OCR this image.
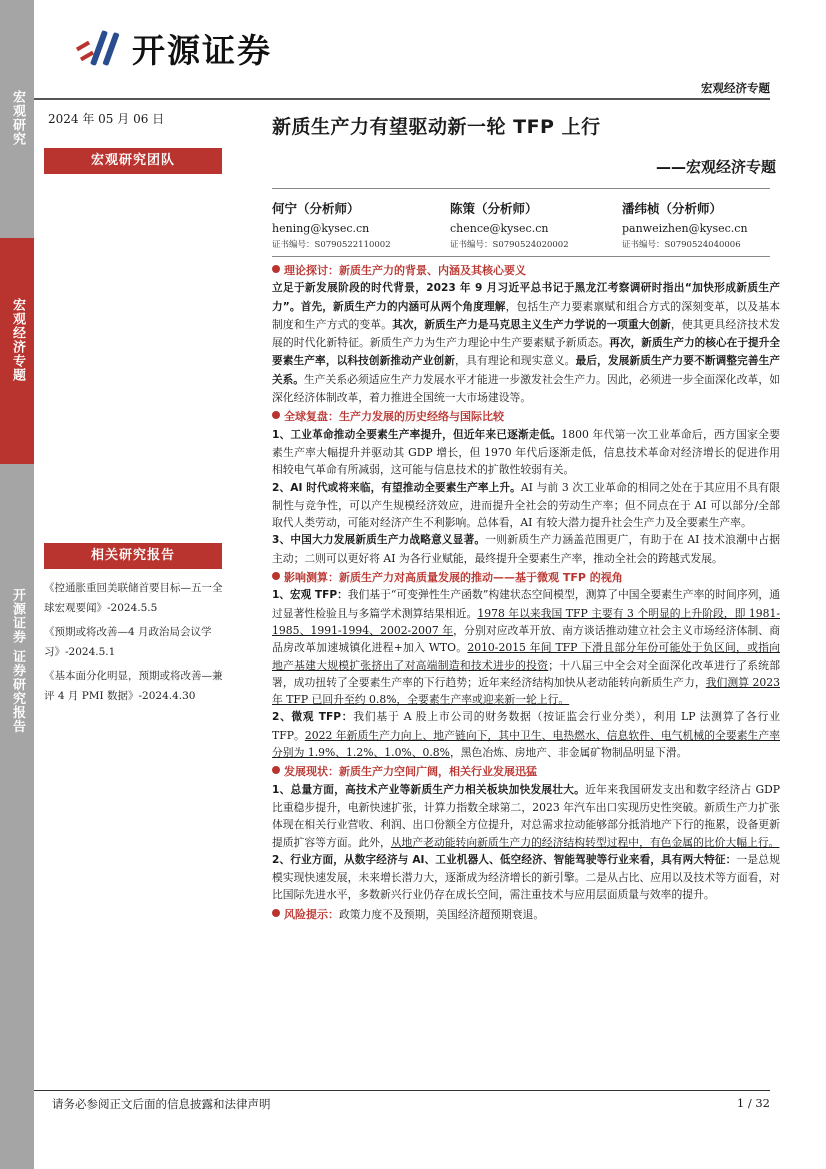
宏观研究
宏观经济专题
开源证券 证券研究报告
开源证券
宏观经济专题
2024 年 05 月 06 日	新质生产力有望驱动新一轮 TFP 上行
——宏观经济专题
宏观研究团队
何宁（分析师）
hening@kysec.cn
证书编号：S0790522110002
陈策（分析师）
chence@kysec.cn
证书编号：S0790524020002
潘纬桢（分析师）
panweizhen@kysec.cn
证书编号：S0790524040006
相关研究报告
《控通胀重回美联储首要目标—五一全球宏观要闻》-2024.5.5
《预期或将改善—4 月政治局会议学习》-2024.5.1
《基本面分化明显，预期或将改善—兼评 4 月 PMI 数据》-2024.4.30
理论探讨：新质生产力的背景、内涵及其核心要义

立足于新发展阶段的时代背景，2023 年 9 月习近平总书记于黑龙江考察调研时指出“加快形成新质生产力”。首先，新质生产力的内涵可从两个角度理解，包括生产力要素禀赋和组合方式的深刻变革，以及基本制度和生产方式的变革。其次，新质生产力是马克思主义生产力学说的一项重大创新，使其更具经济技术发展的时代化新特征。新质生产力为生产力理论中生产要素赋予新质态。再次，新质生产力的核心在于提升全要素生产率，以科技创新推动产业创新，具有理论和现实意义。最后，发展新质生产力要不断调整完善生产关系。生产关系必须适应生产力发展水平才能进一步激发社会生产力。因此，必须进一步全面深化改革，如深化经济体制改革，着力推进全国统一大市场建设等。

全球复盘：生产力发展的历史经络与国际比较

1、工业革命推动全要素生产率提升，但近年来已逐渐走低。1800 年代第一次工业革命后，西方国家全要素生产率大幅提升并驱动其 GDP 增长，但 1970 年代后逐渐走低，信息技术革命对经济增长的促进作用相较电气革命有所减弱，这可能与信息技术的扩散性较弱有关。

2、AI 时代或将来临，有望推动全要素生产率上升。AI 与前 3 次工业革命的相同之处在于其应用不具有限制性与竞争性，可以产生规模经济效应，进而提升全社会的劳动生产率；但不同点在于 AI 可以部分/全部取代人类劳动，可能对经济产生不利影响。总体看，AI 有较大潜力提升社会生产力及全要素生产率。

3、中国大力发展新质生产力战略意义显著。一则新质生产力涵盖范围更广，有助于在 AI 技术浪潮中占据主动；二则可以更好将 AI 为各行业赋能，最终提升全要素生产率，推动全社会的跨越式发展。

影响测算：新质生产力对高质量发展的推动——基于微观 TFP 的视角

1、宏观 TFP：我们基于“可变弹性生产函数”构建状态空间模型，测算了中国全要素生产率的时间序列，通过显著性检验且与多篇学术测算结果相近。1978 年以来我国 TFP 主要有 3 个明显的上升阶段，即 1981-1985、1991-1994、2002-2007 年，分别对应改革开放、南方谈话推动建立社会主义市场经济体制、商品房改革加速城镇化进程+加入 WTO。2010-2015 年间 TFP 下滑且部分年份可能处于负区间，或指向地产基建大规模扩张挤出了对高端制造和技术进步的投资；十八届三中全会对全面深化改革进行了系统部署，成功扭转了全要素生产率的下行趋势；近年来经济结构加快从老动能转向新质生产力，我们测算 2023 年 TFP 已回升至约 0.8%，全要素生产率或迎来新一轮上行。

2、微观 TFP：我们基于 A 股上市公司的财务数据（按证监会行业分类），利用 LP 法测算了各行业 TFP。2022 年新质生产力向上、地产链向下，其中卫生、电热燃水、信息软件、电气机械的全要素生产率分别为 1.9%、1.2%、1.0%、0.8%，黑色冶炼、房地产、非金属矿物制品明显下滑。

发展现状：新质生产力空间广阔，相关行业发展迅猛

1、总量方面，高技术产业等新质生产力相关板块加快发展壮大。近年来我国研发支出和数字经济占 GDP 比重稳步提升，电新快速扩张，计算力指数全球第二，2023 年汽车出口实现历史性突破。新质生产力扩张体现在相关行业营收、利润、出口份额全方位提升，对总需求拉动能够部分抵消地产下行的拖累，设备更新提质扩容等方面。此外，从地产老动能转向新质生产力的经济结构转型过程中，有色金属的比价大幅上行。

2、行业方面，从数字经济与 AI、工业机器人、低空经济、智能驾驶等行业来看，具有两大特征：一是总规模实现快速发展，未来增长潜力大，逐渐成为经济增长的新引擎。二是从占比、应用以及技术等方面看，对比国际先进水平，多数新兴行业仍存在成长空间，需注重技术与应用层面质量与效率的提升。

风险提示：政策力度不及预期，美国经济超预期衰退。
请务必参阅正文后面的信息披露和法律声明	1 / 32
